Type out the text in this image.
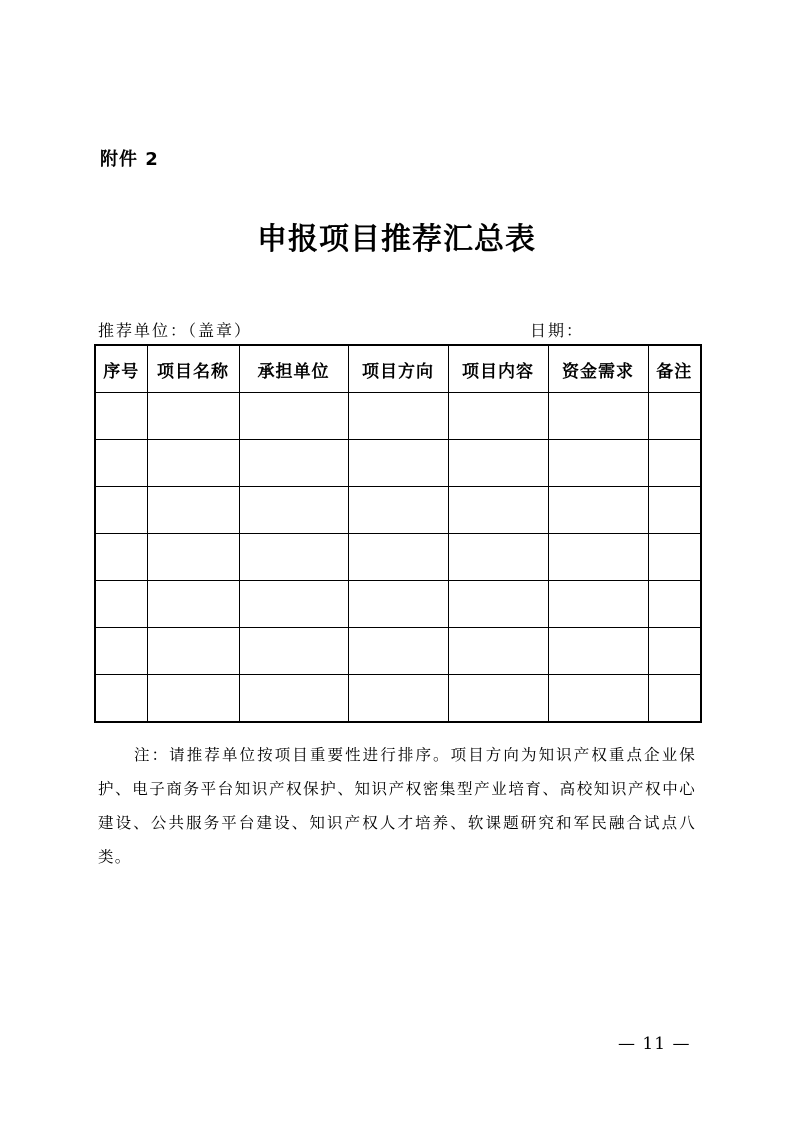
附件 2
申报项目推荐汇总表
推荐单位：（盖章）	日期：
序号	项目名称	承担单位	项目方向	项目内容	资金需求	备注

注：请推荐单位按项目重要性进行排序。项目方向为知识产权重点企业保护、电子商务平台知识产权保护、知识产权密集型产业培育、高校知识产权中心建设、公共服务平台建设、知识产权人才培养、软课题研究和军民融合试点八类。
— 11 —
